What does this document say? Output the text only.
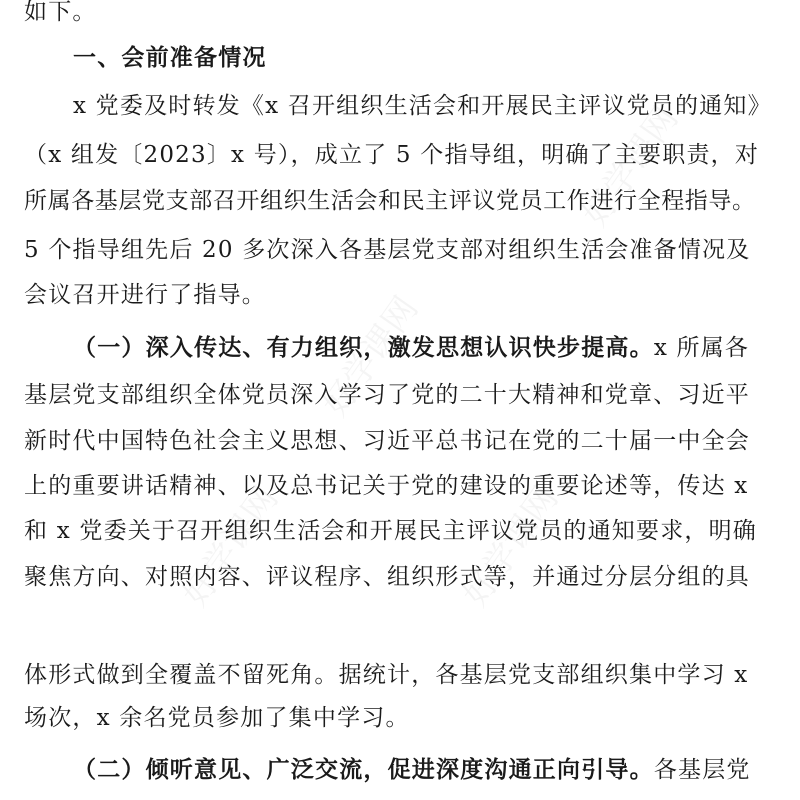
好学课网
好学课网
好学课网
好学课网
如下。
一、会前准备情况
x 党委及时转发《x 召开组织生活会和开展民主评议党员的通知》
（x 组发〔2023〕x 号），成立了 5 个指导组，明确了主要职责，对
所属各基层党支部召开组织生活会和民主评议党员工作进行全程指导。
5 个指导组先后 20 多次深入各基层党支部对组织生活会准备情况及
会议召开进行了指导。
（一）深入传达、有力组织，激发思想认识快步提高。x 所属各
基层党支部组织全体党员深入学习了党的二十大精神和党章、习近平
新时代中国特色社会主义思想、习近平总书记在党的二十届一中全会
上的重要讲话精神、以及总书记关于党的建设的重要论述等，传达 x
和 x 党委关于召开组织生活会和开展民主评议党员的通知要求，明确
聚焦方向、对照内容、评议程序、组织形式等，并通过分层分组的具
体形式做到全覆盖不留死角。据统计，各基层党支部组织集中学习 x
场次，x 余名党员参加了集中学习。
（二）倾听意见、广泛交流，促进深度沟通正向引导。各基层党
